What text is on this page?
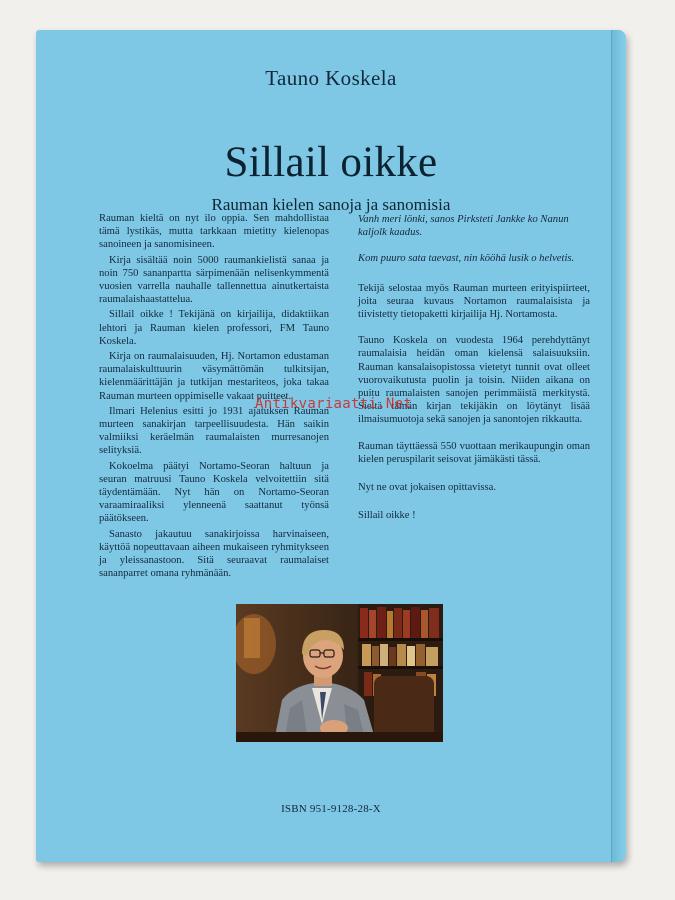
Tauno Koskela
Sillail oikke
Rauman kielen sanoja ja sanomisia

Rauman kieltä on nyt ilo oppia. Sen mahdollistaa tämä lystikäs, mutta tarkkaan mietitty kielenopas sanoineen ja sanomisineen.

Kirja sisältää noin 5000 raumankielistä sanaa ja noin 750 sananpartta särpimenään nelisenkymmentä vuosien varrella nauhalle tallennettua ainutkertaista raumalaishaastattelua.

Sillail oikke ! Tekijänä on kirjailija, didaktiikan lehtori ja Rauman kielen professori, FM Tauno Koskela.

Kirja on raumalaisuuden, Hj. Nortamon edustaman raumalaiskulttuurin väsymättömän tulkitsijan, kielenmäärittäjän ja tutkijan mestariteos, joka takaa Rauman murteen oppimiselle vakaat puitteet.

Ilmari Helenius esitti jo 1931 ajatuksen Rauman murteen sanakirjan tarpeellisuudesta. Hän saikin valmiiksi keräelmän raumalaisten murresanojen selityksiä.

Kokoelma päätyi Nortamo-Seoran haltuun ja seuran matruusi Tauno Koskela velvoitettiin sitä täydentämään. Nyt hän on Nortamo-Seoran varaamiraaliksi ylenneenä saattanut työnsä päätökseen.

Sanasto jakautuu sanakirjoissa harvinaiseen, käyttöä nopeuttavaan aiheen mukaiseen ryhmitykseen ja yleissanastoon. Sitä seuraavat raumalaiset sananparret omana ryhmänään.

Vanh meri lönki, sanos Pirksteti Jankke ko Nanun kaljolk kaadus.

Kom puuro sata taevast, nin kööhä lusik o helvetis.

Tekijä selostaa myös Rauman murteen erityispiirteet, joita seuraa kuvaus Nortamon raumalaisista ja tiivistetty tietopaketti kirjailija Hj. Nortamosta.

Tauno Koskela on vuodesta 1964 perehdyttänyt raumalaisia heidän oman kielensä salaisuuksiin. Rauman kansalaisopistossa vietetyt tunnit ovat olleet vuorovaikutusta puolin ja toisin. Niiden aikana on puitu raumalaisten sanojen perimmäistä merkitystä. Sieltä tämän kirjan tekijäkin on löytänyt lisää ilmaisumuotoja sekä sanojen ja sanontojen rikkautta.

Rauman täyttäessä 550 vuottaan merikaupungin oman kielen peruspilarit seisovat jämäkästi tässä.

Nyt ne ovat jokaisen opittavissa.

Sillail oikke !

ISBN 951-9128-28-X
Antikvariaatti.Net
